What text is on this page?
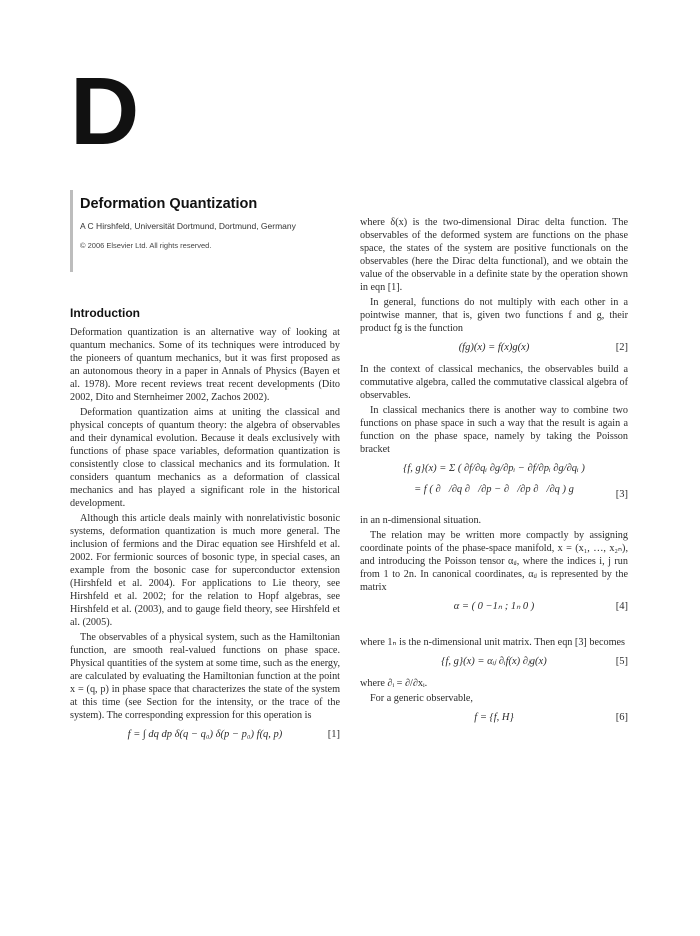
D
Deformation Quantization
A C Hirshfeld, Universität Dortmund, Dortmund, Germany
© 2006 Elsevier Ltd. All rights reserved.
Introduction

Deformation quantization is an alternative way of looking at quantum mechanics. Some of its techniques were introduced by the pioneers of quantum mechanics, but it was first proposed as an autonomous theory in a paper in Annals of Physics (Bayen et al. 1978). More recent reviews treat recent developments (Dito 2002, Dito and Sternheimer 2002, Zachos 2002).

Deformation quantization aims at uniting the classical and physical concepts of quantum theory: the algebra of observables and their dynamical evolution. Because it deals exclusively with functions of phase space variables, deformation quantization is consistently close to classical mechanics and its formulation. It considers quantum mechanics as a deformation of classical mechanics and has played a significant role in the historical development.

Although this article deals mainly with nonrelativistic bosonic systems, deformation quantization is much more general. The inclusion of fermions and the Dirac equation see Hirshfeld et al. 2002. For fermionic sources of bosonic type, in special cases, an example from the bosonic case for superconductor extension (Hirshfeld et al. 2004). For applications to Lie theory, see Hirshfeld et al. 2002; for the relation to Hopf algebras, see Hirshfeld et al. (2003), and to gauge field theory, see Hirshfeld et al. (2005).

The observables of a physical system, such as the Hamiltonian function, are smooth real-valued functions on phase space. Physical quantities of the system at some time, such as the energy, are calculated by evaluating the Hamiltonian function at the point x = (q, p) in phase space that characterizes the state of the system at this time (see Section for the intensity, or the trace of the system). The corresponding expression for this operation is

f = ∫ dq dp δ(q − q₀) δ(p − p₀) f(q, p)	[1]

where δ(x) is the two-dimensional Dirac delta function. The observables of the deformed system are functions on the phase space, the states of the system are positive functionals on the observables (here the Dirac delta functional), and we obtain the value of the observable in a definite state by the operation shown in eqn [1].

In general, functions do not multiply with each other in a pointwise manner, that is, given two functions f and g, their product fg is the function

(fg)(x) = f(x)g(x)	[2]

In the context of classical mechanics, the observables build a commutative algebra, called the commutative classical algebra of observables.

In classical mechanics there is another way to combine two functions on phase space in such a way that the result is again a function on the phase space, namely by taking the Poisson bracket

{f, g}(x) = Σ ( ∂f/∂qᵢ ∂g/∂pᵢ − ∂f/∂pᵢ ∂g/∂qᵢ )
= f ( ∂⃖/∂q ∂⃗/∂p − ∂⃖/∂p ∂⃗/∂q ) g	[3]

in an n-dimensional situation.

The relation may be written more compactly by assigning coordinate points of the phase-space manifold, x = (x₁, …, x₂ₙ), and introducing the Poisson tensor αᵢⱼ, where the indices i, j run from 1 to 2n. In canonical coordinates, αᵢⱼ is represented by the matrix

α = ( 0 −1ₙ ; 1ₙ 0 )	[4]

where 1ₙ is the n-dimensional unit matrix. Then eqn [3] becomes

{f, g}(x) = αᵢⱼ ∂ᵢf(x) ∂ⱼg(x)	[5]

where ∂ᵢ = ∂/∂xᵢ.

For a generic observable,

f = {f, H}	[6]
